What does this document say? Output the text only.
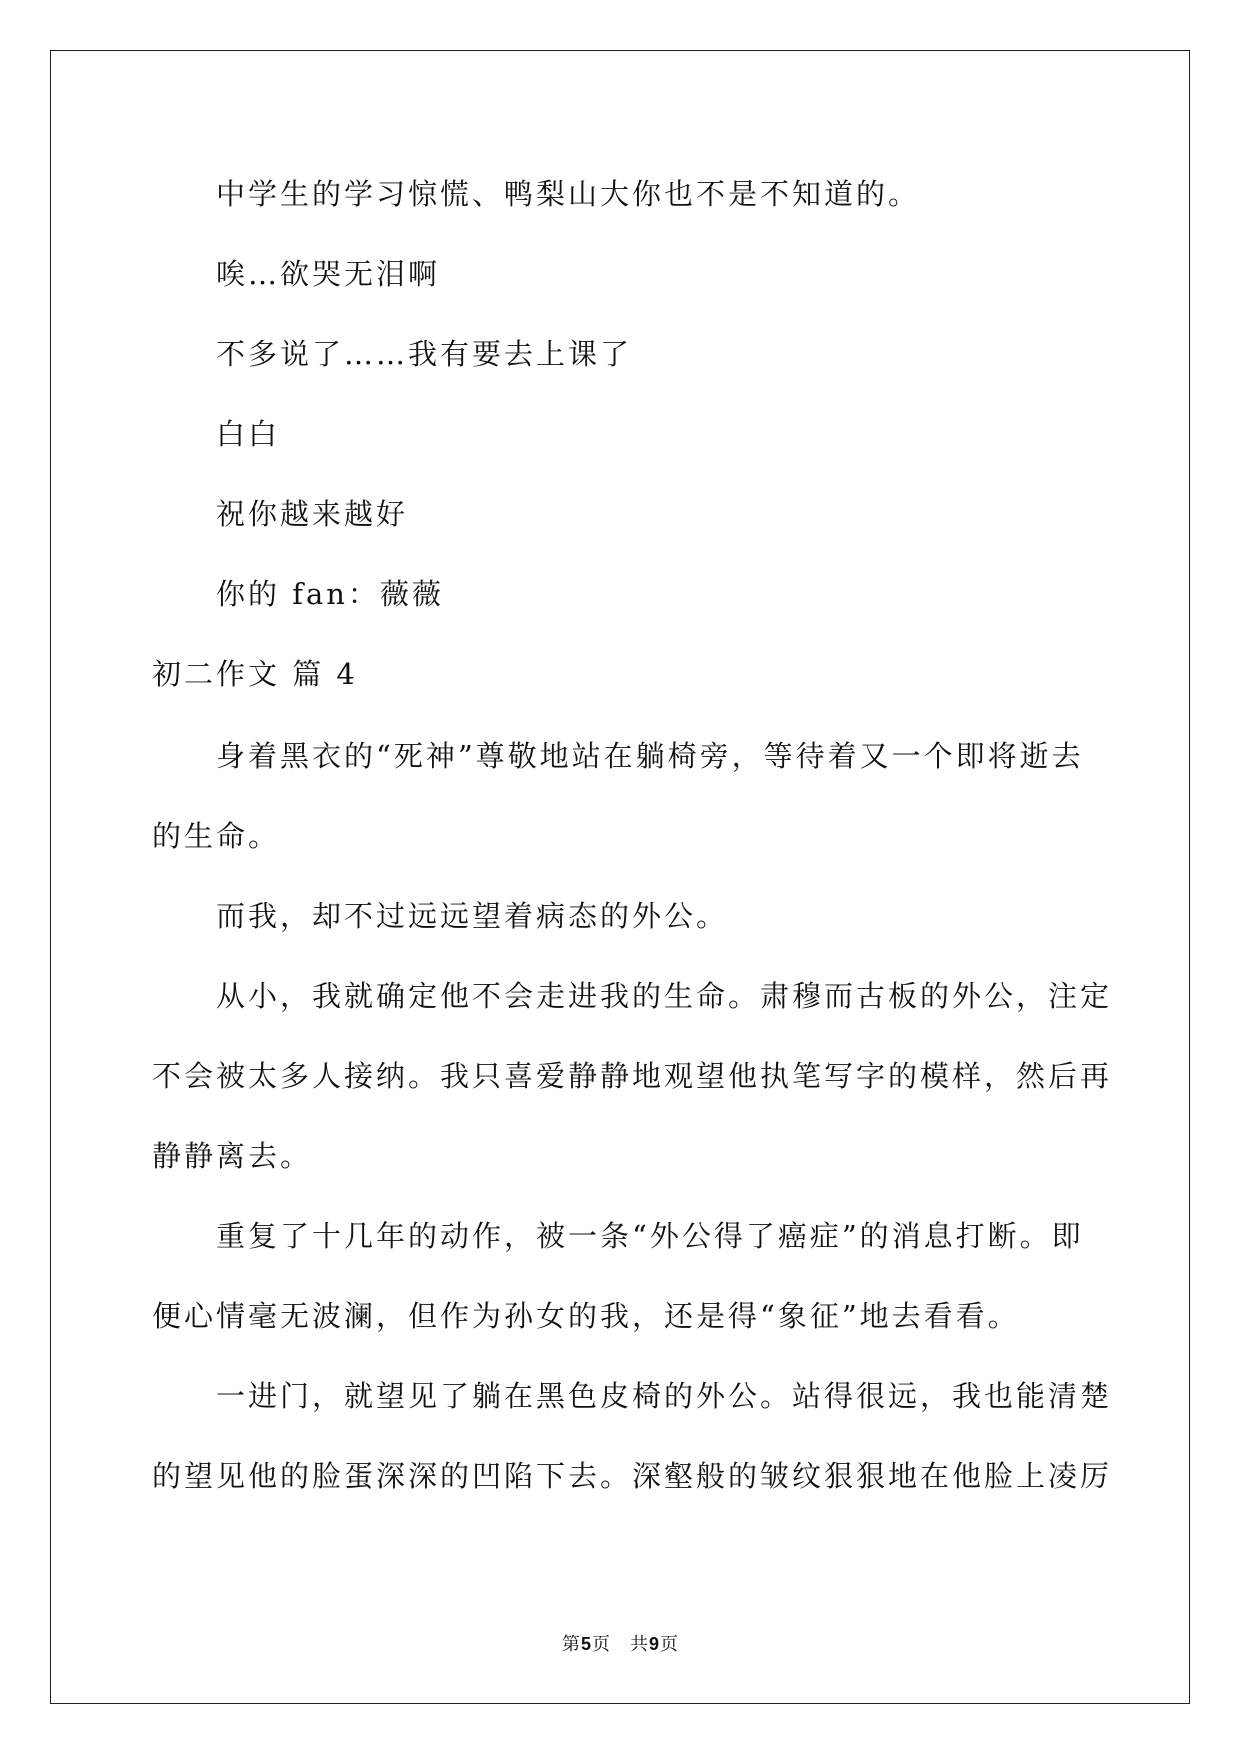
中学生的学习惊慌、鸭梨山大你也不是不知道的。
唉…欲哭无泪啊
不多说了……我有要去上课了
白白
祝你越来越好
你的 fan：薇薇
初二作文 篇 4
身着黑衣的“死神”尊敬地站在躺椅旁，等待着又一个即将逝去
的生命。
而我，却不过远远望着病态的外公。
从小，我就确定他不会走进我的生命。肃穆而古板的外公，注定
不会被太多人接纳。我只喜爱静静地观望他执笔写字的模样，然后再
静静离去。
重复了十几年的动作，被一条“外公得了癌症”的消息打断。即
便心情毫无波澜，但作为孙女的我，还是得“象征”地去看看。
一进门，就望见了躺在黑色皮椅的外公。站得很远，我也能清楚
的望见他的脸蛋深深的凹陷下去。深壑般的皱纹狠狠地在他脸上凌厉
第5页　共9页
